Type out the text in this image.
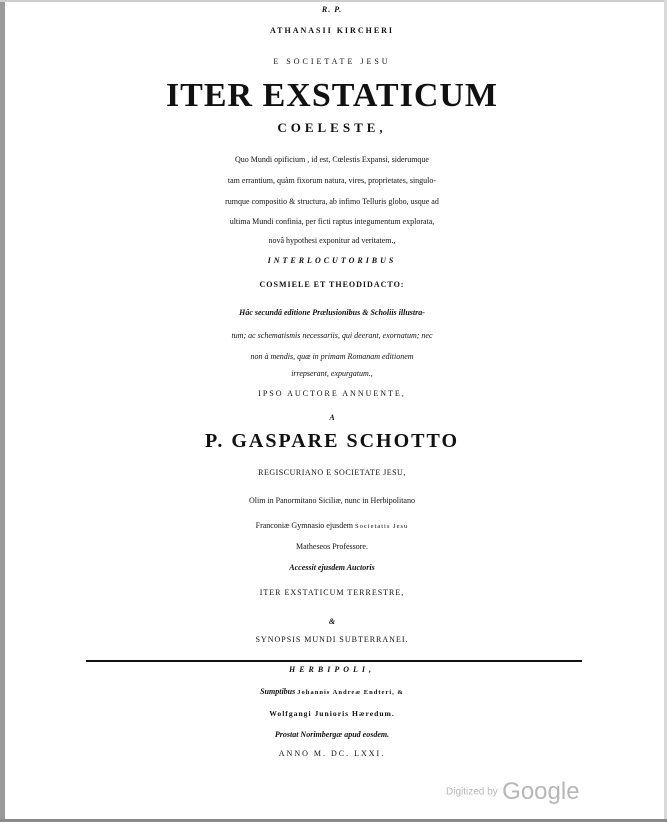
R. P.
ATHANASII KIRCHERI
E SOCIETATE JESU
ITER EXSTATICUM
COELESTE,
Quo Mundi opificium , id est, Cœlestis Expansi, siderumque
tam errantium, quàm fixorum natura, vires, proprietates, singulo-
rumque compositio & structura, ab infimo Telluris globo, usque ad
ultima Mundi confinia, per ficti raptus integumentum explorata,
novâ hypothesi exponitur ad veritatem.,
INTERLOCUTORIBUS
COSMIELE ET THEODIDACTO:
Hâc secundâ editione Prælusionibus & Scholiis illustra-
tum; ac schematismis necessariis, qui deerant, exornatum; nec
non à mendis, quæ in primam Romanam editionem
irrepserant, expurgatum.,
IPSO AUCTORE ANNUENTE,
A
P. GASPARE SCHOTTO
REGISCURIANO E SOCIETATE JESU,
Olim in Panormitano Siciliæ, nunc in Herbipolitano
Franconiæ Gymnasio ejusdem Societatis Jesu
Matheseos Professore.
Accessit ejusdem Auctoris
ITER EXSTATICUM TERRESTRE,
&
SYNOPSIS MUNDI SUBTERRANEI.
HERBIPOLI,
Sumptibus Johannis Andreæ Endteri, &
Wolfgangi Junioris Hæredum.
Prostat Norimbergæ apud eosdem.
ANNO M. DC. LXXI.
Digitized by Google
